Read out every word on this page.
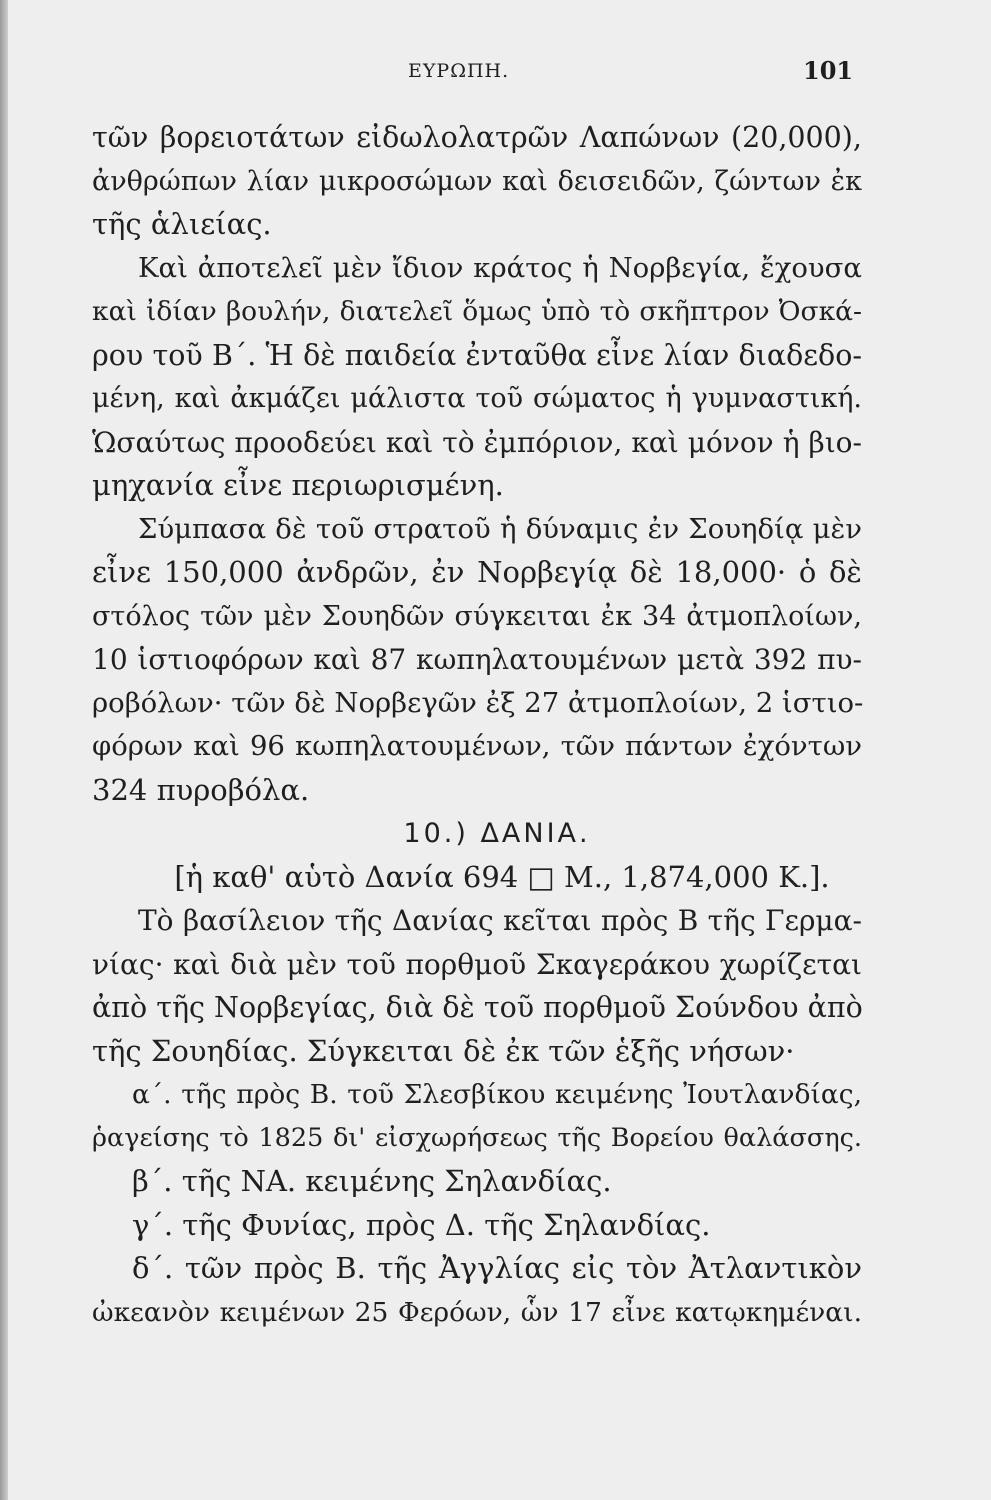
ΕΥΡΩΠΗ.	101
τῶν βορειοτάτων εἰδωλολατρῶν Λαπώνων (20,000),
ἀνθρώπων λίαν μικροσώμων καὶ δεισειδῶν, ζώντων ἐκ
τῆς ἁλιείας.
Καὶ ἀποτελεῖ μὲν ἴδιον κράτος ἡ Νορβεγία, ἔχουσα
καὶ ἰδίαν βουλήν, διατελεῖ ὅμως ὑπὸ τὸ σκῆπτρον Ὀσκά-
ρου τοῦ Β΄. Ἡ δὲ παιδεία ἐνταῦθα εἶνε λίαν διαδεδο-
μένη, καὶ ἀκμάζει μάλιστα τοῦ σώματος ἡ γυμναστική.
Ὡσαύτως προοδεύει καὶ τὸ ἐμπόριον, καὶ μόνον ἡ βιο-
μηχανία εἶνε περιωρισμένη.
Σύμπασα δὲ τοῦ στρατοῦ ἡ δύναμις ἐν Σουηδίᾳ μὲν
εἶνε 150,000 ἀνδρῶν, ἐν Νορβεγίᾳ δὲ 18,000· ὁ δὲ
στόλος τῶν μὲν Σουηδῶν σύγκειται ἐκ 34 ἀτμοπλοίων,
10 ἱστιοφόρων καὶ 87 κωπηλατουμένων μετὰ 392 πυ-
ροβόλων· τῶν δὲ Νορβεγῶν ἐξ 27 ἀτμοπλοίων, 2 ἱστιο-
φόρων καὶ 96 κωπηλατουμένων, τῶν πάντων ἐχόντων
324 πυροβόλα.
10.) ΔΑΝΙΑ.
[ἡ καθ' αὑτὸ Δανία 694 □ Μ., 1,874,000 Κ.].
Τὸ βασίλειον τῆς Δανίας κεῖται πρὸς Β τῆς Γερμα-
νίας· καὶ διὰ μὲν τοῦ πορθμοῦ Σκαγεράκου χωρίζεται
ἀπὸ τῆς Νορβεγίας, διὰ δὲ τοῦ πορθμοῦ Σούνδου ἀπὸ
τῆς Σουηδίας. Σύγκειται δὲ ἐκ τῶν ἑξῆς νήσων·
α΄. τῆς πρὸς Β. τοῦ Σλεσβίκου κειμένης Ἰουτλανδίας,
ῥαγείσης τὸ 1825 δι' εἰσχωρήσεως τῆς Βορείου θαλάσσης.
β΄. τῆς ΝΑ. κειμένης Σηλανδίας.
γ΄. τῆς Φυνίας, πρὸς Δ. τῆς Σηλανδίας.
δ΄. τῶν πρὸς Β. τῆς Ἀγγλίας εἰς τὸν Ἀτλαντικὸν
ὠκεανὸν κειμένων 25 Φερόων, ὧν 17 εἶνε κατῳκημέναι.
